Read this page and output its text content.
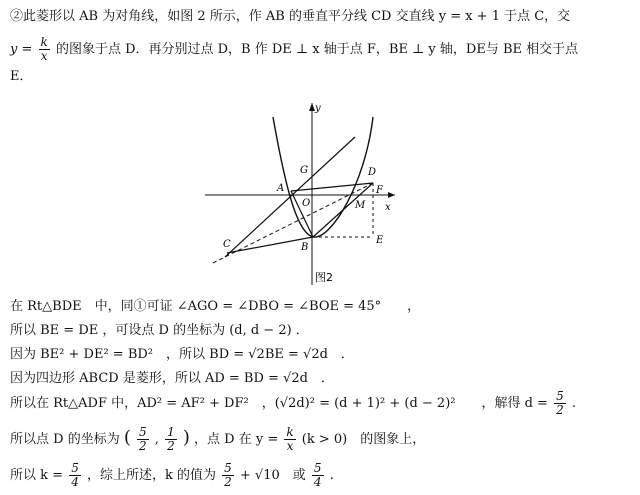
②此菱形以 AB 为对角线，如图 2 所示，作 AB 的垂直平分线 CD 交直线 y = x + 1 于点 C，交
$y = \frac{k}{x}$ 的图象于点 D．再分别过点 D，B 作 DE ⊥ x 轴于点 F，BE ⊥ y 轴，DE与 BE 相交于点
E．
y
x
G	D
A
O
F
M
C	B
E
图2
在 Rt△BDE　中，同①可证 ∠AGO = ∠DBO = ∠BOE = 45°　　，
所以 BE = DE ，可设点 D 的坐标为 (d, d − 2) ．
因为 BE² + DE² = BD²　，所以 BD = √2BE = √2d　．
因为四边形 ABCD 是菱形，所以 AD = BD = √2d　．
所以在 Rt△ADF 中，AD² = AF² + DF²　，(√2d)² = (d + 1)² + (d − 2)²　　，解得 $d = \frac{5}{2}$ .
所以点 D 的坐标为 ( $\frac{5}{2}$ , $\frac{1}{2}$ ) ，点 D 在 $y = \frac{k}{x} (k > 0)$　的图象上，
所以 $k = \frac{5}{4}$ ，综上所述，k 的值为 $\frac{5}{2} + √10$　或 $\frac{5}{4}$ .
